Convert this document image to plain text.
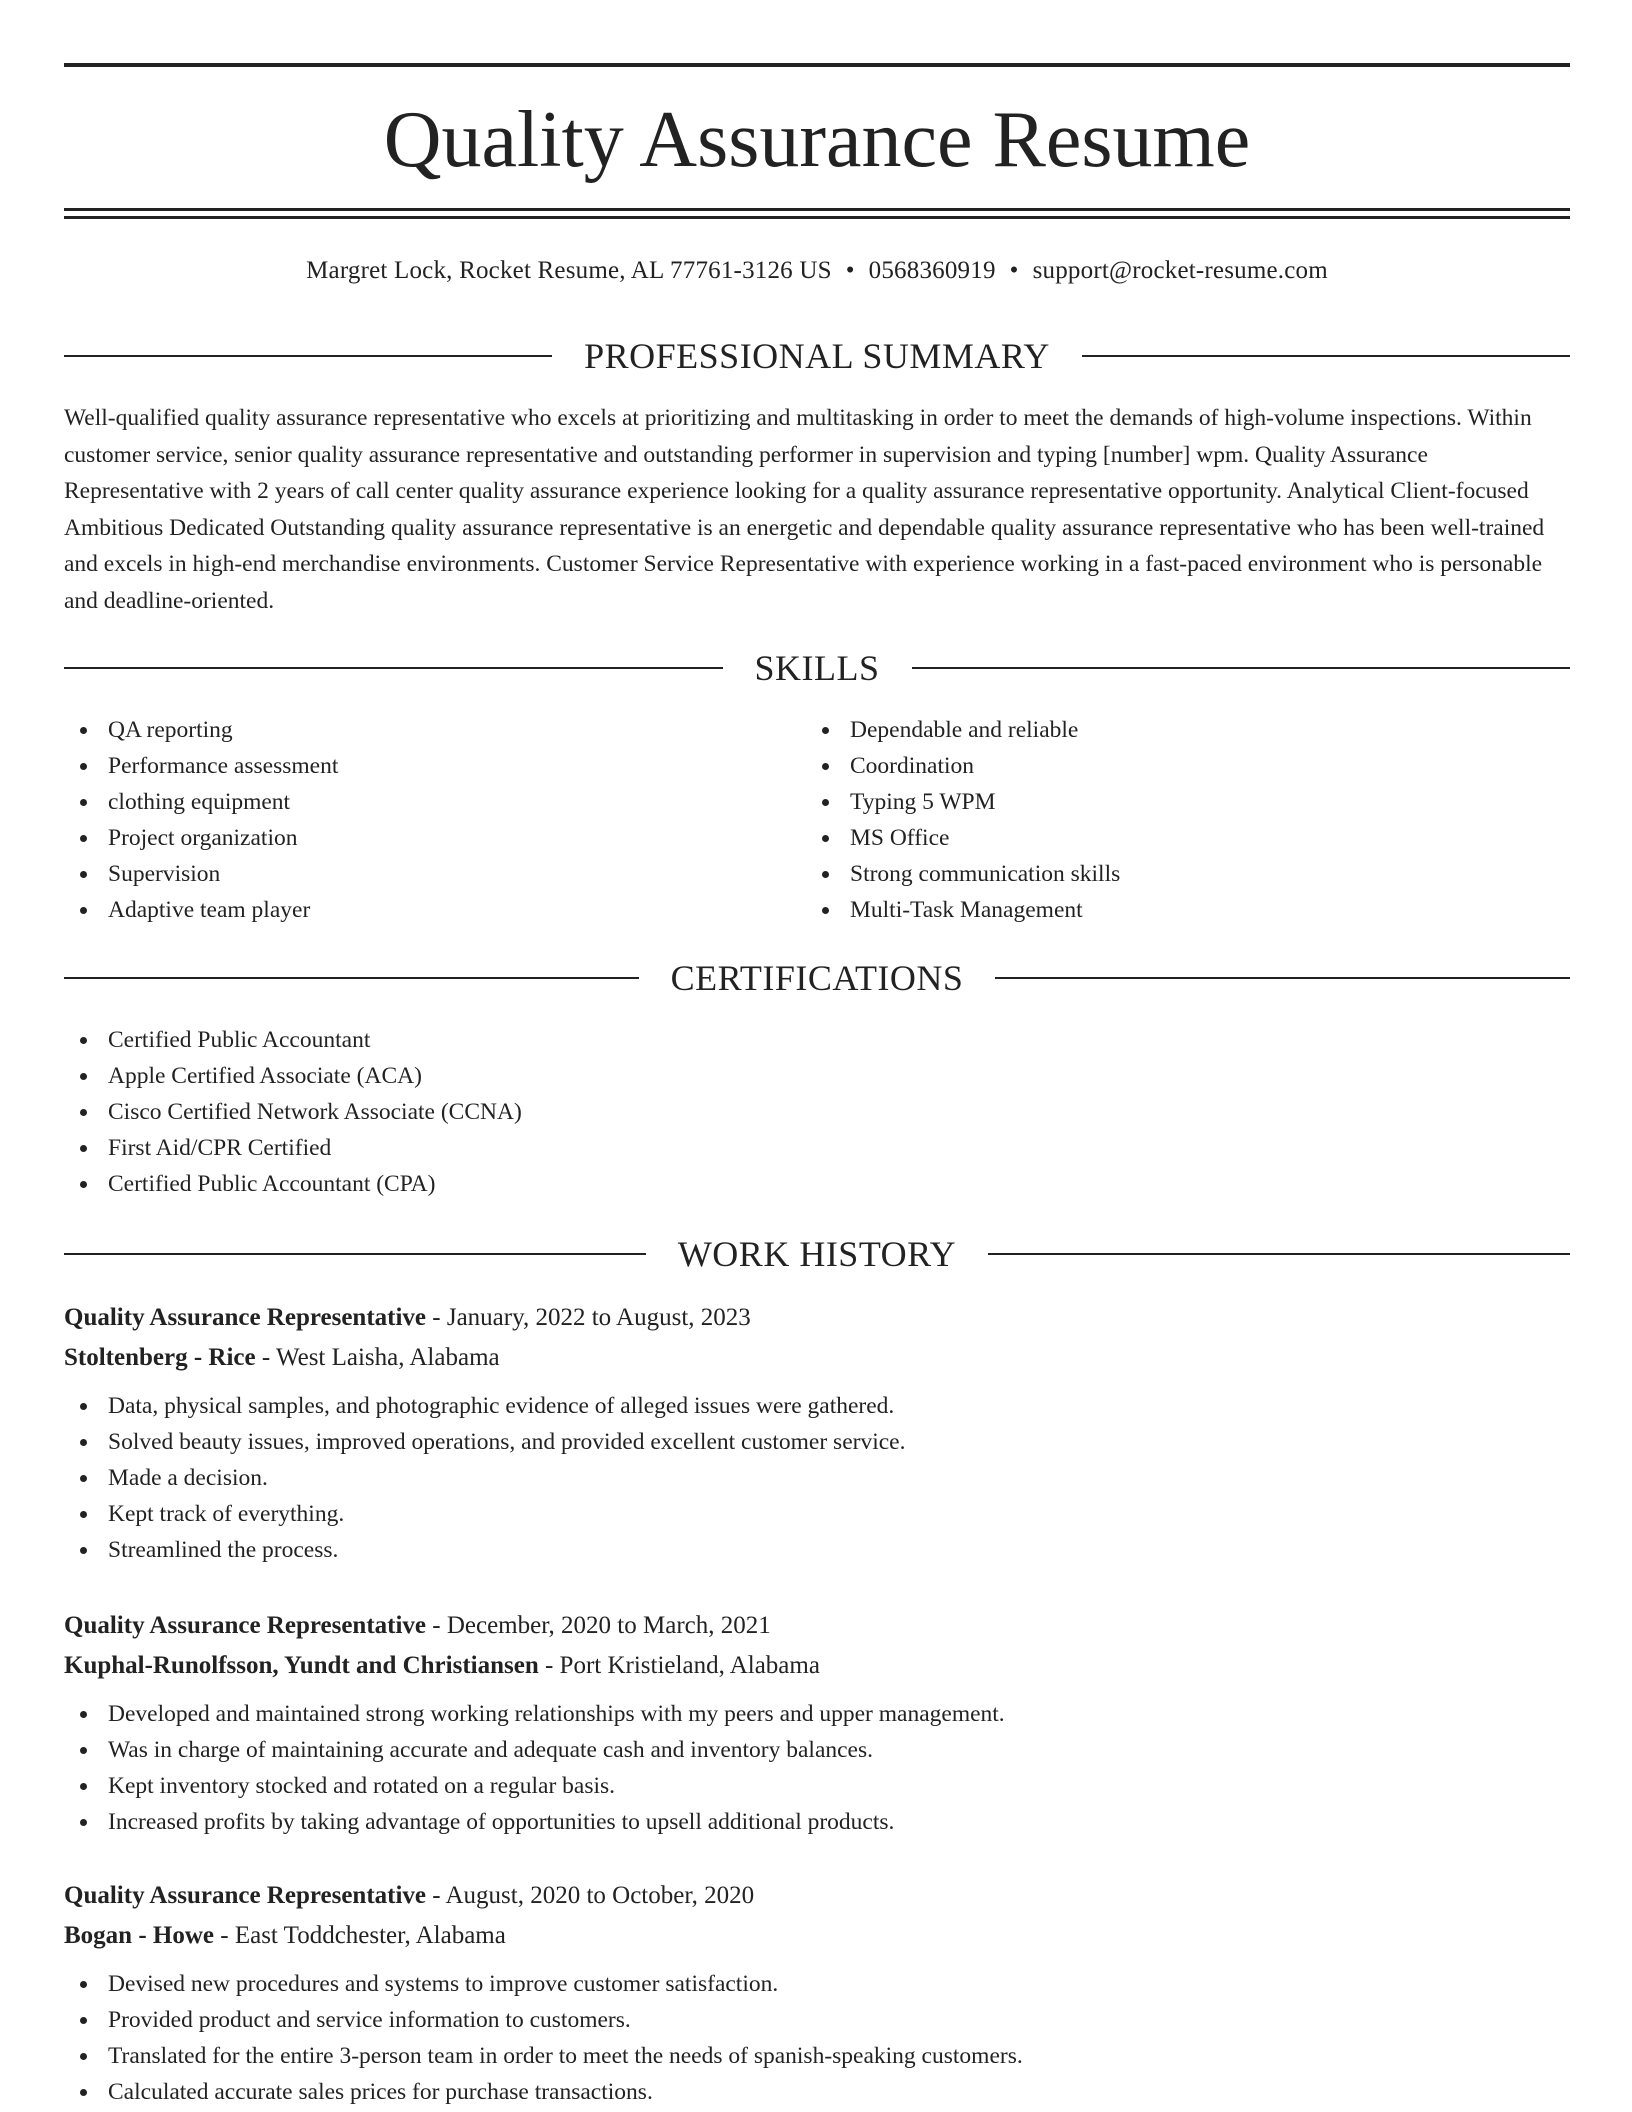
Quality Assurance Resume
Margret Lock, Rocket Resume, AL 77761-3126 US • 0568360919 • support@rocket-resume.com
PROFESSIONAL SUMMARY

Well-qualified quality assurance representative who excels at prioritizing and multitasking in order to meet the demands of high-volume inspections. Within customer service, senior quality assurance representative and outstanding performer in supervision and typing [number] wpm. Quality Assurance Representative with 2 years of call center quality assurance experience looking for a quality assurance representative opportunity. Analytical Client-focused Ambitious Dedicated Outstanding quality assurance representative is an energetic and dependable quality assurance representative who has been well-trained and excels in high-end merchandise environments. Customer Service Representative with experience working in a fast-paced environment who is personable and deadline-oriented.

SKILLS
QA reporting
Performance assessment
clothing equipment
Project organization
Supervision
Adaptive team player
Dependable and reliable
Coordination
Typing 5 WPM
MS Office
Strong communication skills
Multi-Task Management
CERTIFICATIONS
Certified Public Accountant
Apple Certified Associate (ACA)
Cisco Certified Network Associate (CCNA)
First Aid/CPR Certified
Certified Public Accountant (CPA)
WORK HISTORY
Quality Assurance Representative - January, 2022 to August, 2023
Stoltenberg - Rice - West Laisha, Alabama
Data, physical samples, and photographic evidence of alleged issues were gathered.
Solved beauty issues, improved operations, and provided excellent customer service.
Made a decision.
Kept track of everything.
Streamlined the process.
Quality Assurance Representative - December, 2020 to March, 2021
Kuphal-Runolfsson, Yundt and Christiansen - Port Kristieland, Alabama
Developed and maintained strong working relationships with my peers and upper management.
Was in charge of maintaining accurate and adequate cash and inventory balances.
Kept inventory stocked and rotated on a regular basis.
Increased profits by taking advantage of opportunities to upsell additional products.
Quality Assurance Representative - August, 2020 to October, 2020
Bogan - Howe - East Toddchester, Alabama
Devised new procedures and systems to improve customer satisfaction.
Provided product and service information to customers.
Translated for the entire 3-person team in order to meet the needs of spanish-speaking customers.
Calculated accurate sales prices for purchase transactions.
